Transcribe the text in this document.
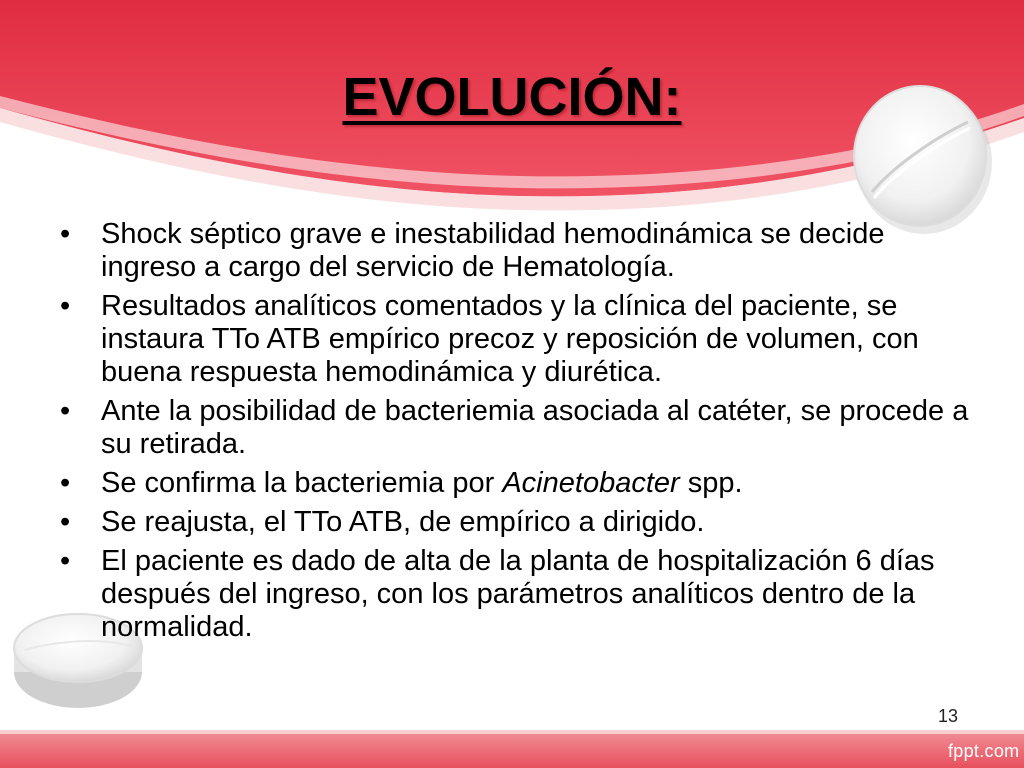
EVOLUCIÓN:
• Shock séptico grave e inestabilidad hemodinámica se decide ingreso a cargo del servicio de Hematología.
• Resultados analíticos comentados y la clínica del paciente, se instaura TTo ATB empírico precoz y reposición de volumen, con buena respuesta hemodinámica y diurética.
• Ante la posibilidad de bacteriemia asociada al catéter, se procede a su retirada.
• Se confirma la bacteriemia por Acinetobacter spp.
• Se reajusta, el TTo ATB, de empírico a dirigido.
• El paciente es dado de alta de la planta de hospitalización 6 días después del ingreso, con los parámetros analíticos dentro de la normalidad.
13
fppt.com
